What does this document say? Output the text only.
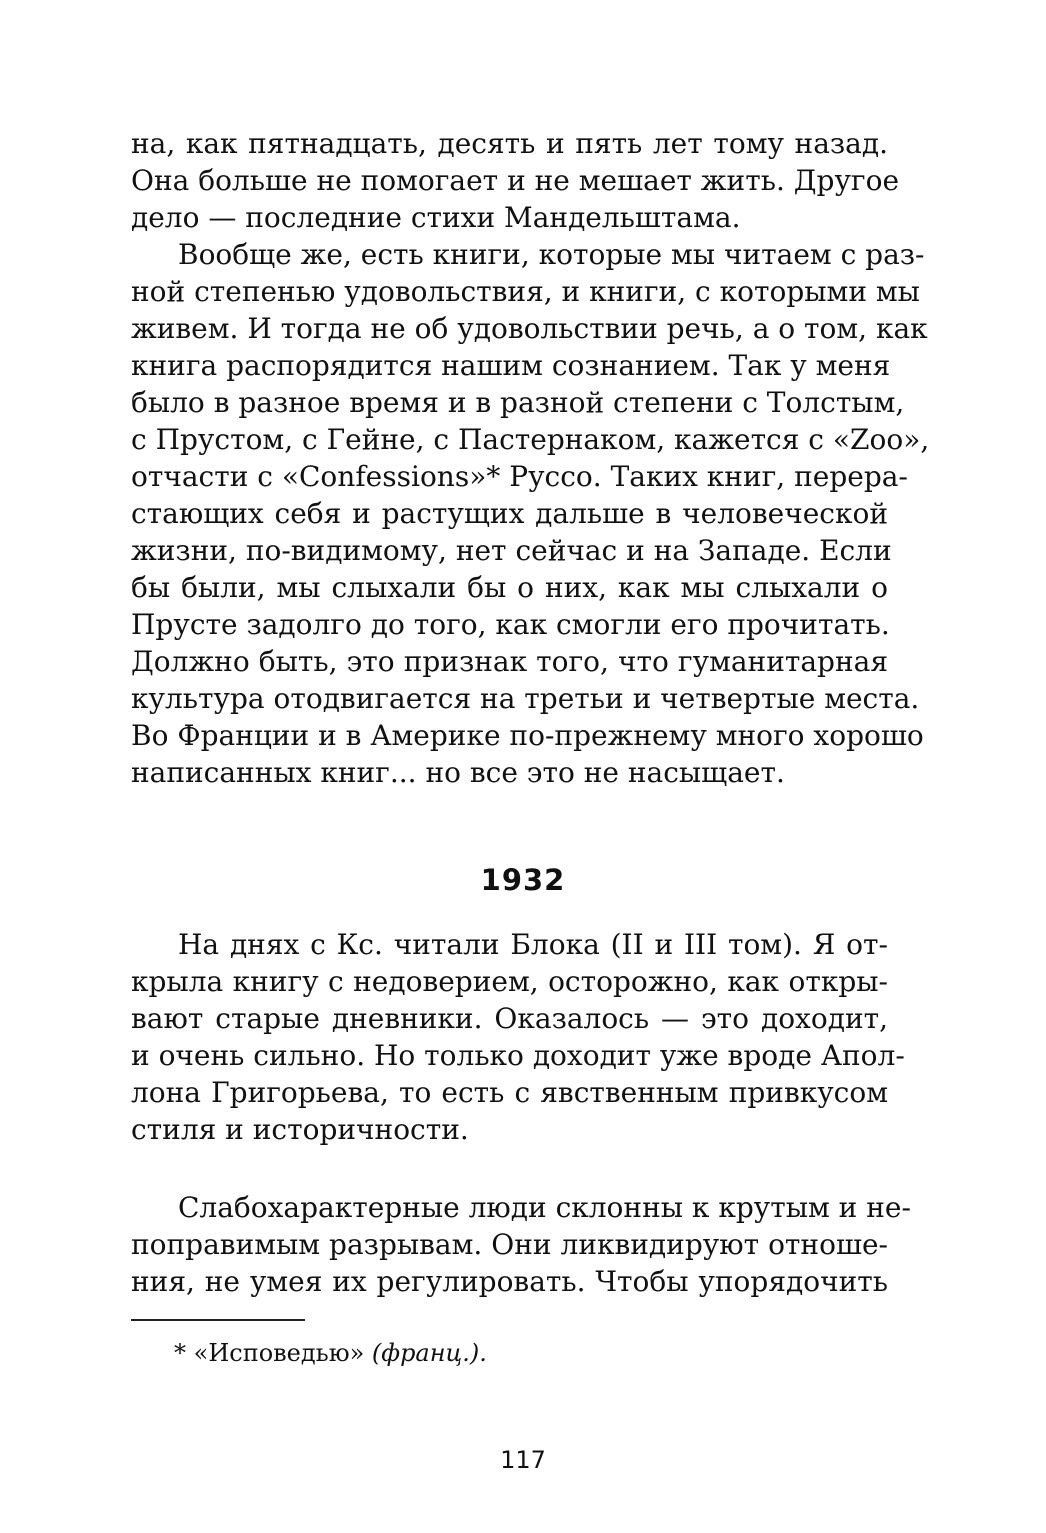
на, как пятнадцать, десять и пять лет тому назад.
Она больше не помогает и не мешает жить. Другое
дело — последние стихи Мандельштама.
Вообще же, есть книги, которые мы читаем с раз-
ной степенью удовольствия, и книги, с которыми мы
живем. И тогда не об удовольствии речь, а о том, как
книга распорядится нашим сознанием. Так у меня
было в разное время и в разной степени с Толстым,
с Прустом, с Гейне, с Пастернаком, кажется с «Zoo»,
отчасти с «Confessions»* Руссо. Таких книг, перера-
стающих себя и растущих дальше в человеческой
жизни, по-видимому, нет сейчас и на Западе. Если
бы были, мы слыхали бы о них, как мы слыхали о
Прусте задолго до того, как смогли его прочитать.
Должно быть, это признак того, что гуманитарная
культура отодвигается на третьи и четвертые места.
Во Франции и в Америке по-прежнему много хорошо
написанных книг... но все это не насыщает.
1932
На днях с Кс. читали Блока (II и III том). Я от-
крыла книгу с недоверием, осторожно, как откры-
вают старые дневники. Оказалось — это доходит,
и очень сильно. Но только доходит уже вроде Апол-
лона Григорьева, то есть с явственным привкусом
стиля и историчности.
Слабохарактерные люди склонны к крутым и не-
поправимым разрывам. Они ликвидируют отноше-
ния, не умея их регулировать. Чтобы упорядочить
* «Исповедью» (франц.).
117
